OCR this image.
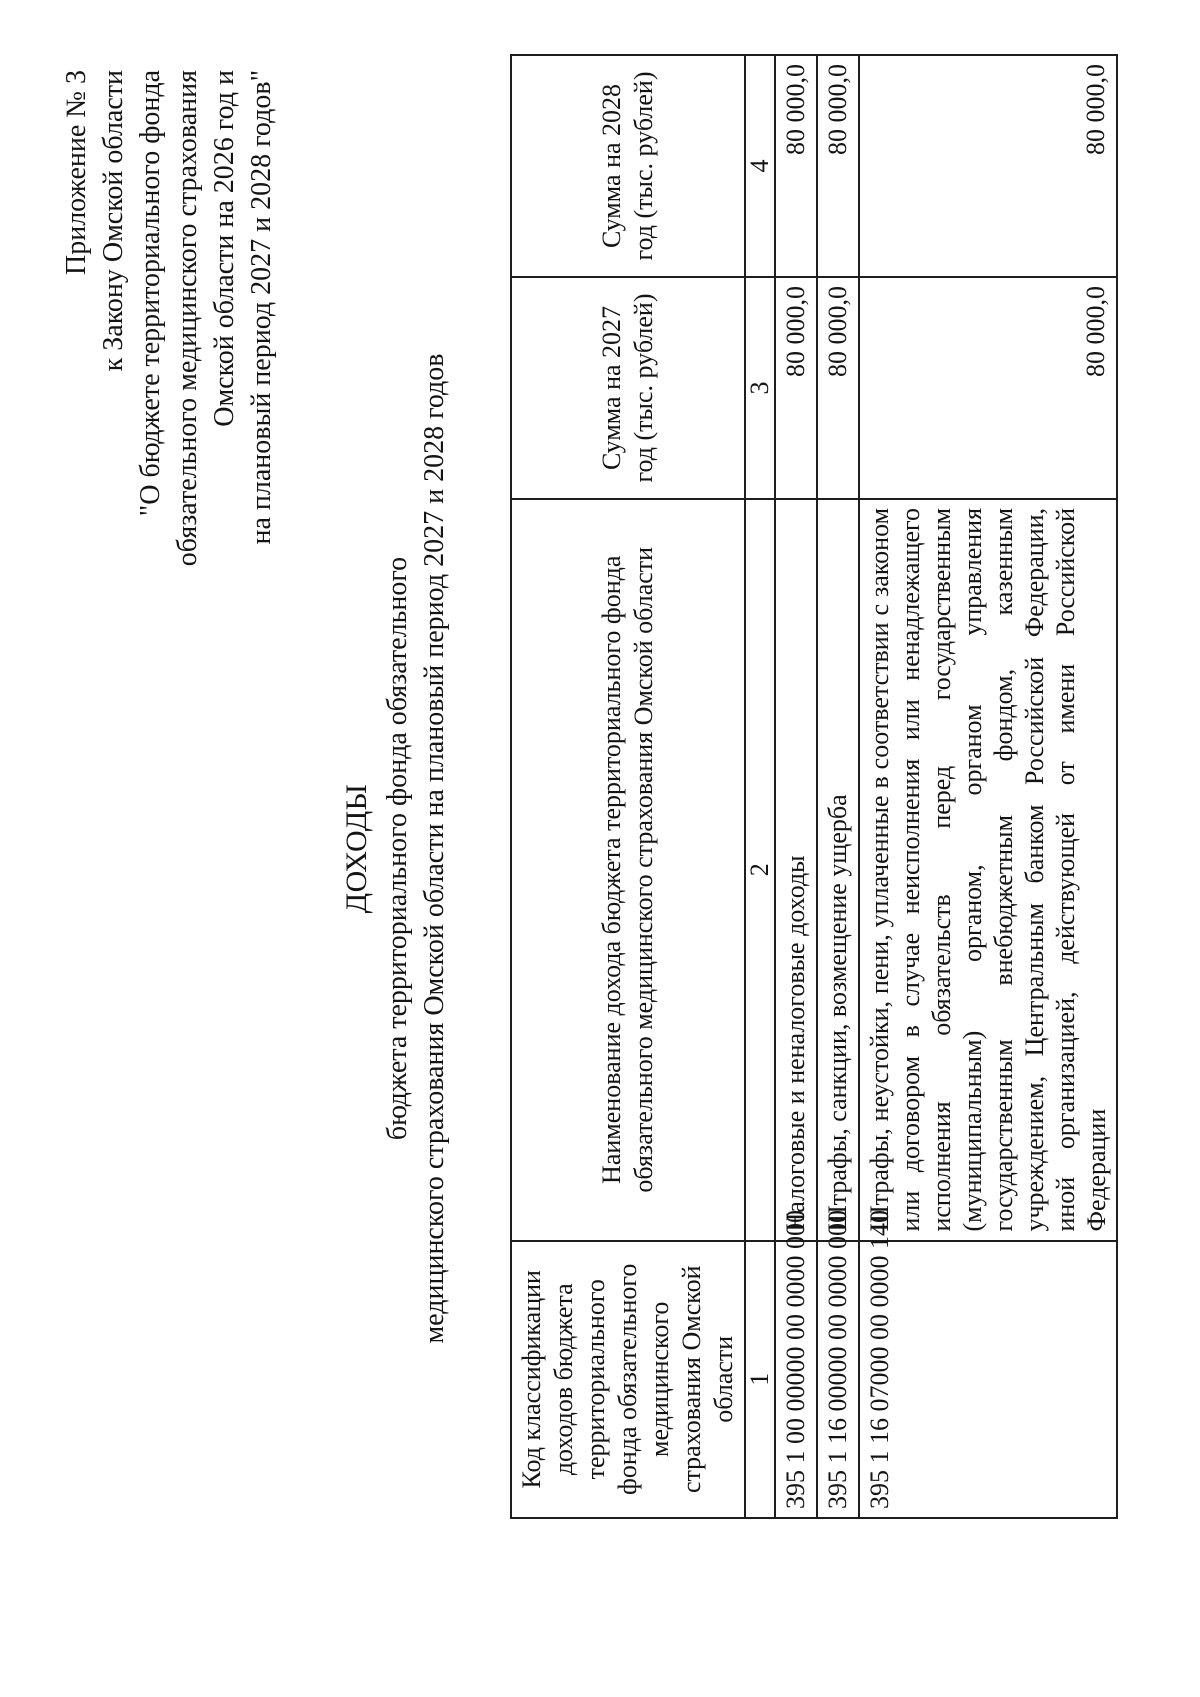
Приложение № 3 к Закону Омской области "О бюджете территориального фонда обязательного медицинского страхования Омской области на 2026 год и на плановый период 2027 и 2028 годов"
ДОХОДЫ бюджета территориального фонда обязательного медицинского страхования Омской области на плановый период 2027 и 2028 годов
Код классификации доходов бюджета территориального фонда обязательного медицинского страхования Омской области	Наименование дохода бюджета территориального фонда обязательного медицинского страхования Омской области	Сумма на 2027 год (тыс. рублей)	Сумма на 2028 год (тыс. рублей)
1	2	3	4
395 1 00 00000 00 0000 000	Налоговые и неналоговые доходы	80 000,0	80 000,0
395 1 16 00000 00 0000 000	Штрафы, санкции, возмещение ущерба	80 000,0	80 000,0
395 1 16 07000 00 0000 140	Штрафы, неустойки, пени, уплаченные в соответствии с законом или договором в случае неисполнения или ненадлежащего исполнения обязательств перед государственным (муниципальным) органом, органом управления государственным внебюджетным фондом, казенным учреждением, Центральным банком Российской Федерации, иной организацией, действующей от имени Российской Федерации	80 000,0	80 000,0
